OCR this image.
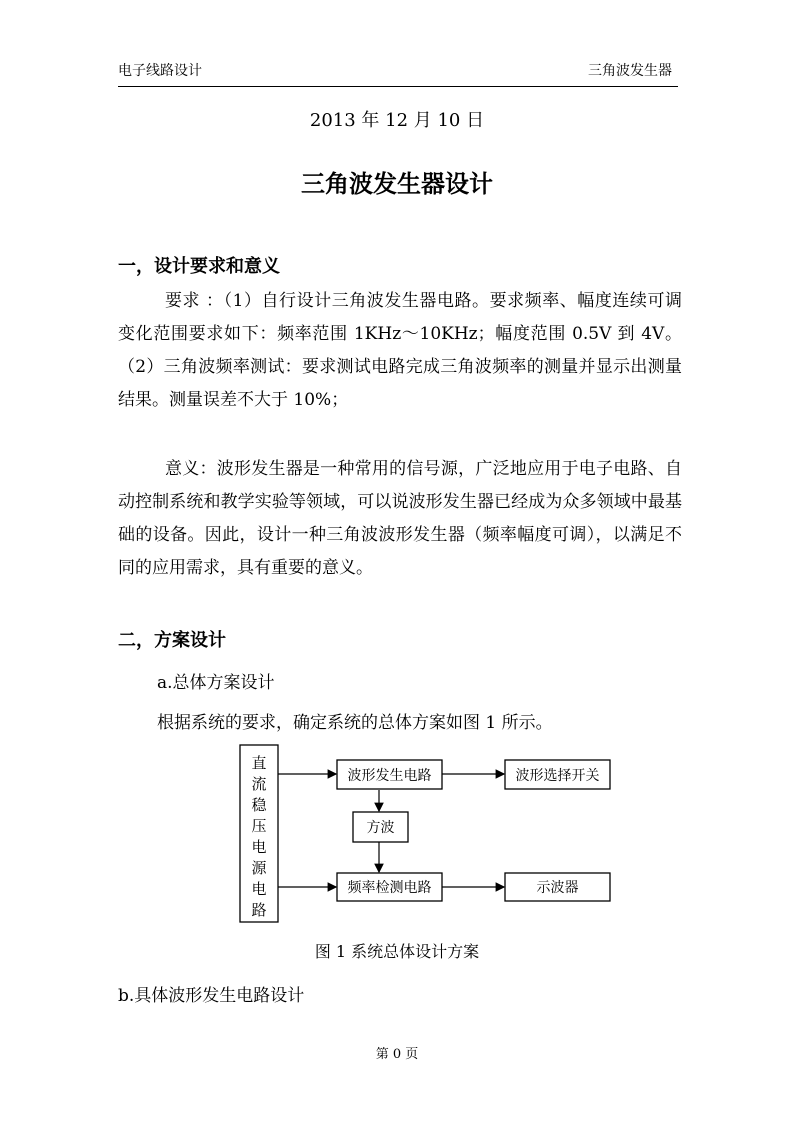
电子线路设计	三角波发生器
2013 年 12 月 10 日
三角波发生器设计
一，设计要求和意义

要求 ：（1）自行设计三角波发生器电路。要求频率、幅度连续可调变化范围要求如下：频率范围 1KHz～10KHz；幅度范围 0.5V 到 4V。（2）三角波频率测试：要求测试电路完成三角波频率的测量并显示出测量结果。测量误差不大于 10%；

意义：波形发生器是一种常用的信号源，广泛地应用于电子电路、自动控制系统和教学实验等领域，可以说波形发生器已经成为众多领域中最基础的设备。因此，设计一种三角波波形发生器（频率幅度可调），以满足不同的应用需求，具有重要的意义。

二，方案设计
a.总体方案设计
根据系统的要求，确定系统的总体方案如图 1 所示。
直
流
稳
压
电
源
电
路
波形发生电路	波形选择开关
方波
频率检测电路	示波器
图 1 系统总体设计方案
b.具体波形发生电路设计
第 0 页
